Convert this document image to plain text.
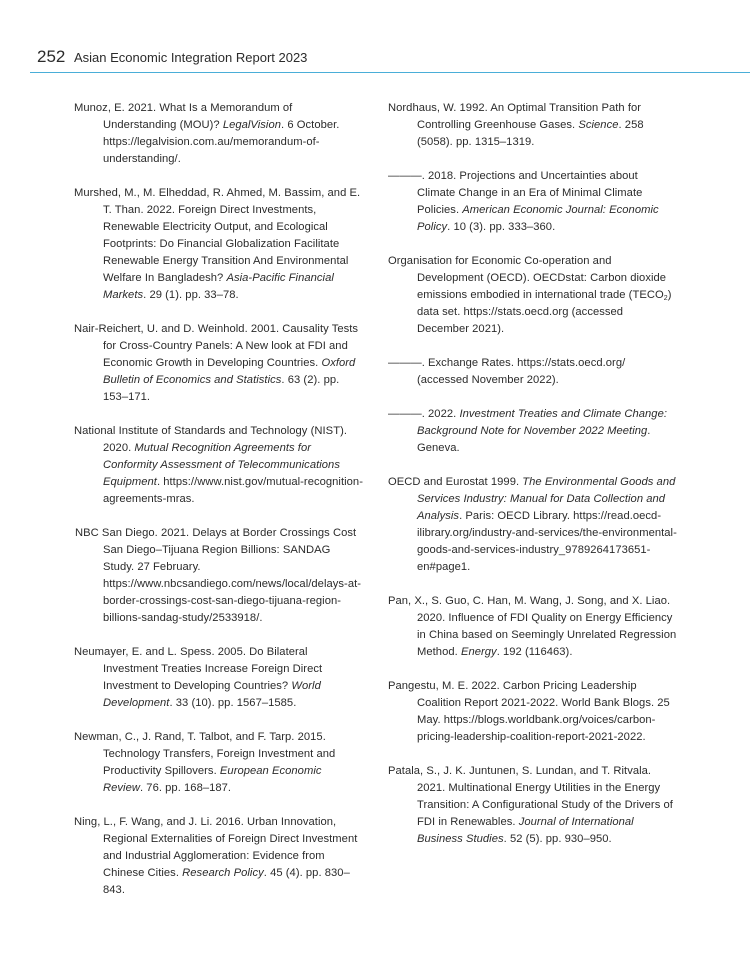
252 Asian Economic Integration Report 2023

Munoz, E. 2021. What Is a Memorandum of Understanding (MOU)? LegalVision. 6 October. https://legalvision.com.au/memorandum-of-understanding/.

Murshed, M., M. Elheddad, R. Ahmed, M. Bassim, and E. T. Than. 2022. Foreign Direct Investments, Renewable Electricity Output, and Ecological Footprints: Do Financial Globalization Facilitate Renewable Energy Transition And Environmental Welfare In Bangladesh? Asia-Pacific Financial Markets. 29 (1). pp. 33–78.

Nair-Reichert, U. and D. Weinhold. 2001. Causality Tests for Cross-Country Panels: A New look at FDI and Economic Growth in Developing Countries. Oxford Bulletin of Economics and Statistics. 63 (2). pp. 153–171.

National Institute of Standards and Technology (NIST). 2020. Mutual Recognition Agreements for Conformity Assessment of Telecommunications Equipment. https://www.nist.gov/mutual-recognition-agreements-mras.

NBC San Diego. 2021. Delays at Border Crossings Cost San Diego–Tijuana Region Billions: SANDAG Study. 27 February. https://www.nbcsandiego.com/news/local/delays-at-border-crossings-cost-san-diego-tijuana-region-billions-sandag-study/2533918/.

Neumayer, E. and L. Spess. 2005. Do Bilateral Investment Treaties Increase Foreign Direct Investment to Developing Countries? World Development. 33 (10). pp. 1567–1585.

Newman, C., J. Rand, T. Talbot, and F. Tarp. 2015. Technology Transfers, Foreign Investment and Productivity Spillovers. European Economic Review. 76. pp. 168–187.

Ning, L., F. Wang, and J. Li. 2016. Urban Innovation, Regional Externalities of Foreign Direct Investment and Industrial Agglomeration: Evidence from Chinese Cities. Research Policy. 45 (4). pp. 830–843.

Nordhaus, W. 1992. An Optimal Transition Path for Controlling Greenhouse Gases. Science. 258 (5058). pp. 1315–1319.

———. 2018. Projections and Uncertainties about Climate Change in an Era of Minimal Climate Policies. American Economic Journal: Economic Policy. 10 (3). pp. 333–360.

Organisation for Economic Co-operation and Development (OECD). OECDstat: Carbon dioxide emissions embodied in international trade $(TECO_2)$ data set. https://stats.oecd.org (accessed December 2021).

———. Exchange Rates. https://stats.oecd.org/ (accessed November 2022).

———. 2022. Investment Treaties and Climate Change: Background Note for November 2022 Meeting. Geneva.

OECD and Eurostat 1999. The Environmental Goods and Services Industry: Manual for Data Collection and Analysis. Paris: OECD Library. https://read.oecd-ilibrary.org/industry-and-services/the-environmental-goods-and-services-industry_9789264173651-en#page1.

Pan, X., S. Guo, C. Han, M. Wang, J. Song, and X. Liao. 2020. Influence of FDI Quality on Energy Efficiency in China based on Seemingly Unrelated Regression Method. Energy. 192 (116463).

Pangestu, M. E. 2022. Carbon Pricing Leadership Coalition Report 2021-2022. World Bank Blogs. 25 May. https://blogs.worldbank.org/voices/carbon-pricing-leadership-coalition-report-2021-2022.

Patala, S., J. K. Juntunen, S. Lundan, and T. Ritvala. 2021. Multinational Energy Utilities in the Energy Transition: A Configurational Study of the Drivers of FDI in Renewables. Journal of International Business Studies. 52 (5). pp. 930–950.
